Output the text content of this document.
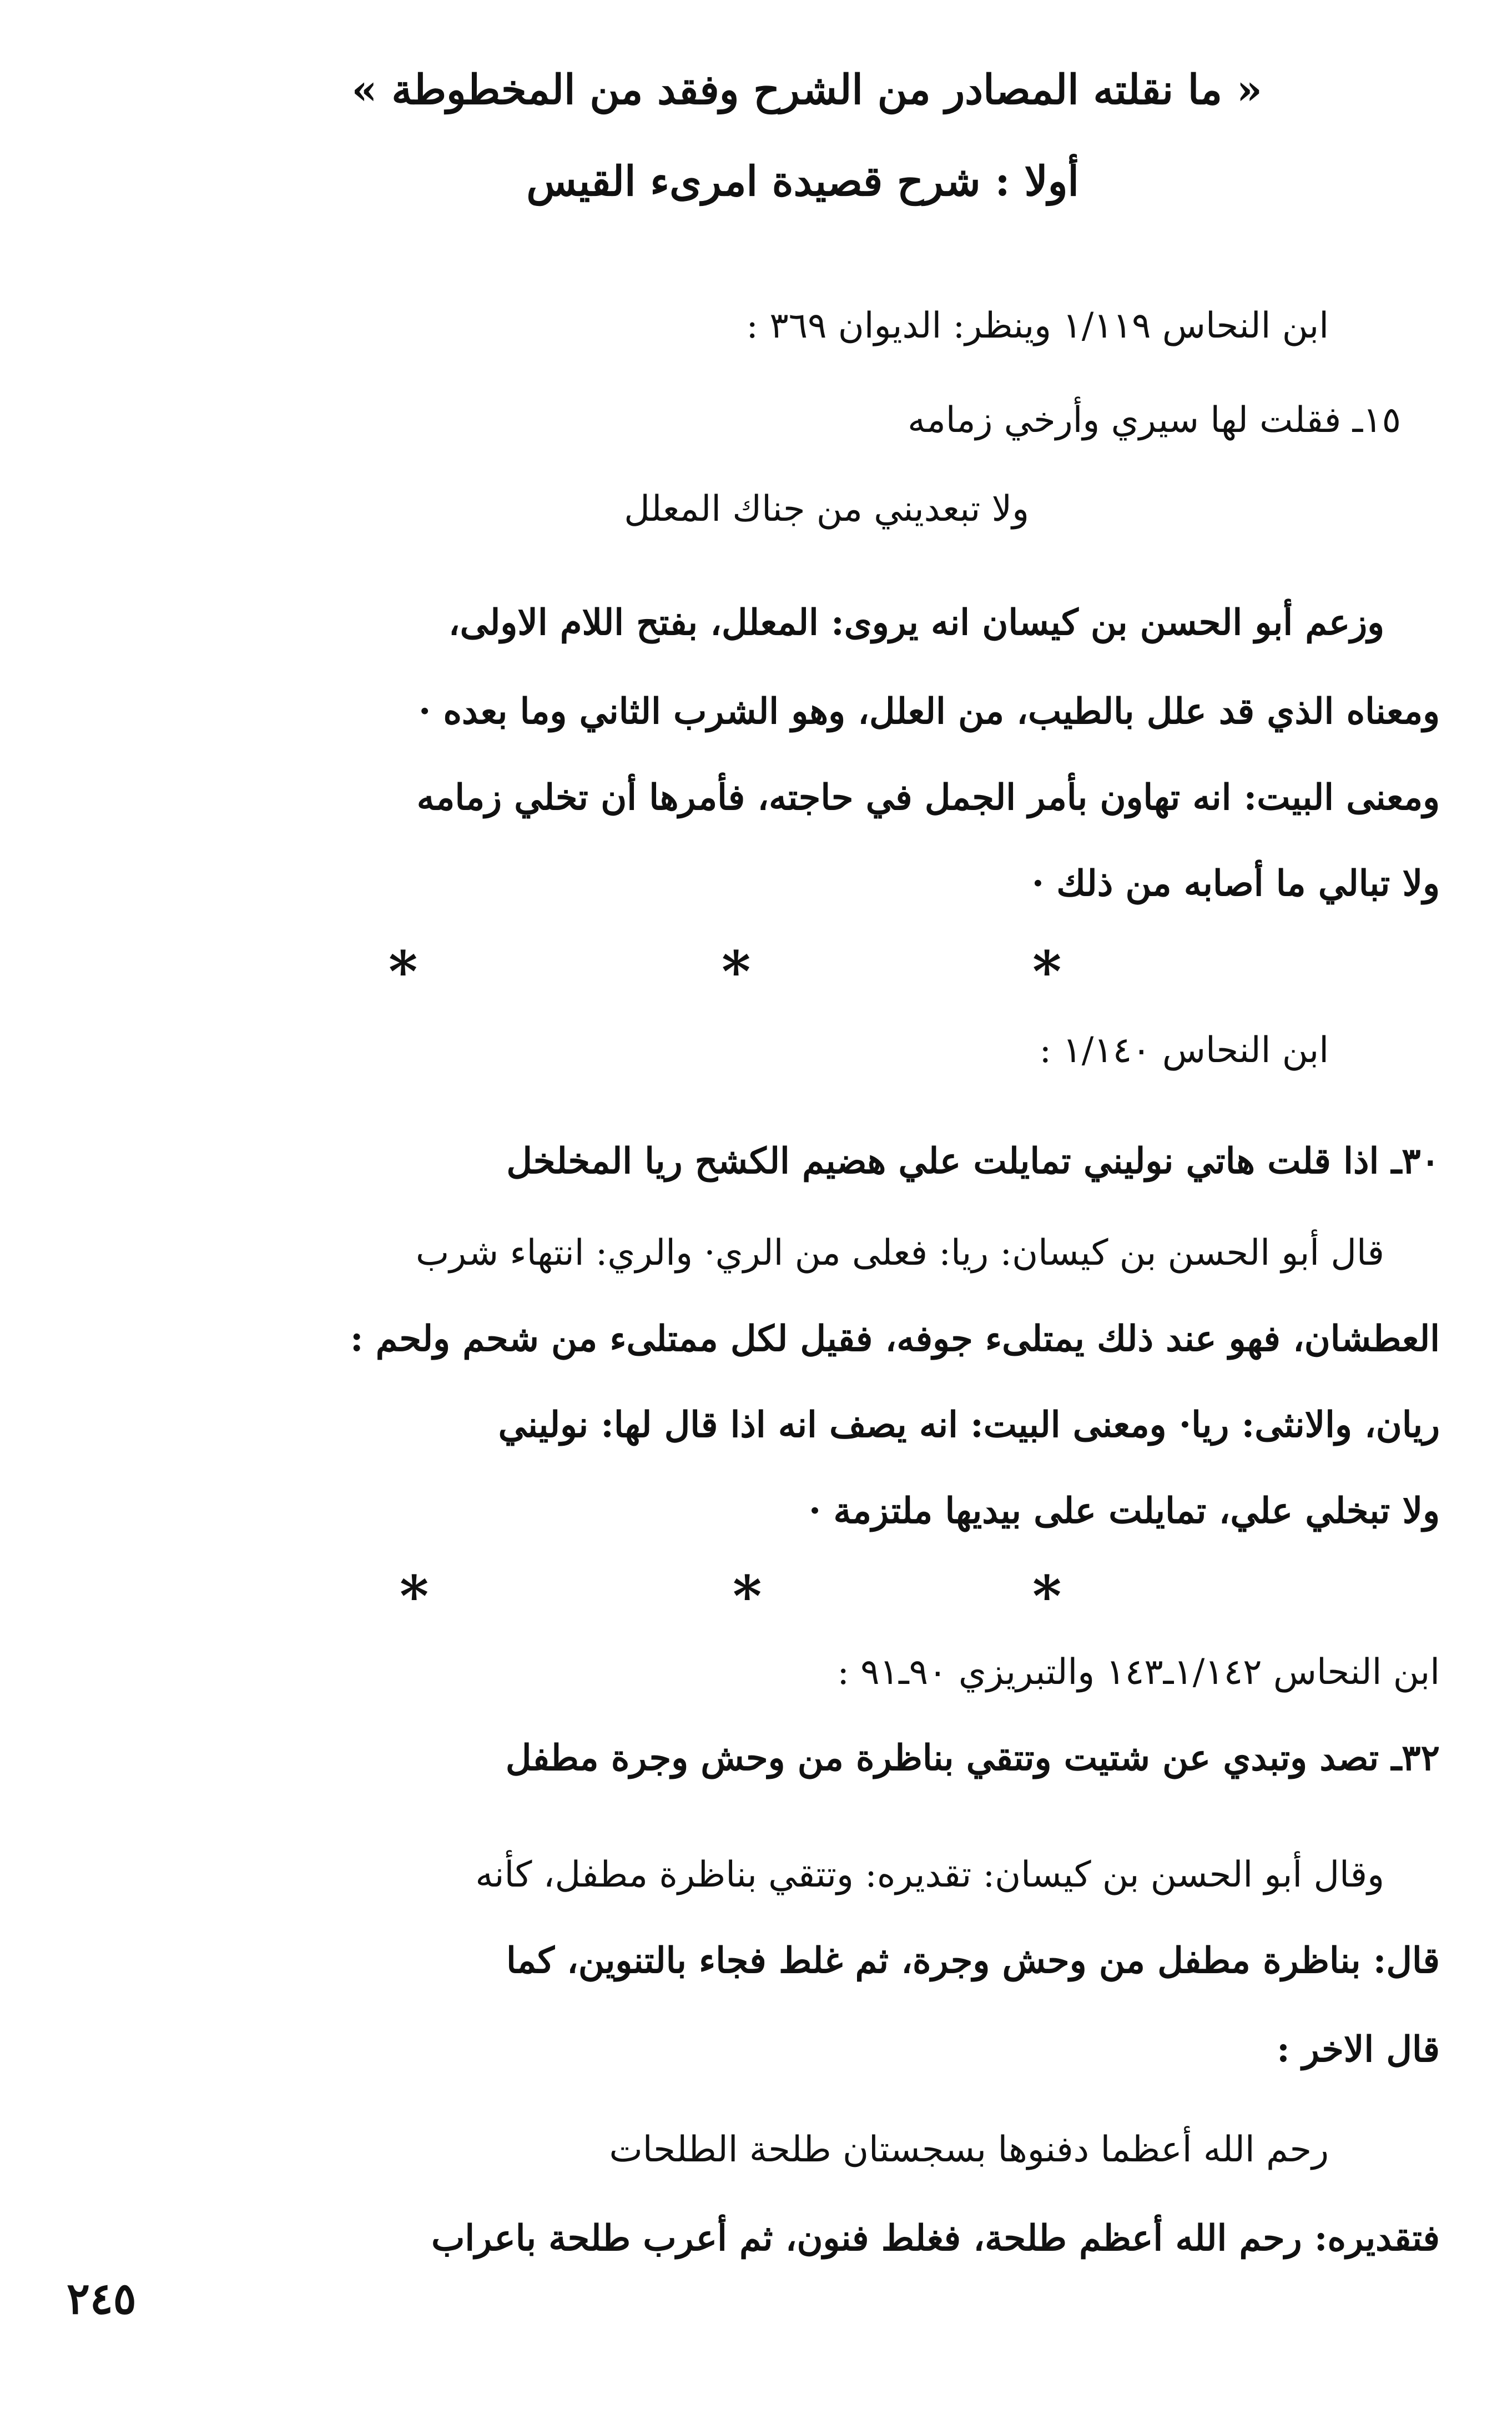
« ما نقلته المصادر من الشرح وفقد من المخطوطة »
أولا : شرح قصيدة امرىء القيس
ابن النحاس ١/١١٩ وينظر: الديوان ٣٦٩ :
١٥ـ فقلت لها سيري وأرخي زمامه
ولا تبعديني من جناك المعلل
وزعم أبو الحسن بن كيسان انه يروى: المعلل، بفتح اللام الاولى،
ومعناه الذي قد علل بالطيب، من العلل، وهو الشرب الثاني وما بعده ·
ومعنى البيت: انه تهاون بأمر الجمل في حاجته، فأمرها أن تخلي زمامه
ولا تبالي ما أصابه من ذلك ·
*	*	*
ابن النحاس ١/١٤٠ :
٣٠ـ اذا قلت هاتي نوليني تمايلت علي هضيم الكشح ريا المخلخل
قال أبو الحسن بن كيسان: ريا: فعلى من الري· والري: انتهاء شرب
العطشان، فهو عند ذلك يمتلىء جوفه، فقيل لكل ممتلىء من شحم ولحم :
ريان، والانثى: ريا· ومعنى البيت: انه يصف انه اذا قال لها: نوليني
ولا تبخلي علي، تمايلت على بيديها ملتزمة ·
*	*	*
ابن النحاس ١/١٤٢ـ١٤٣ والتبريزي ٩٠ـ٩١ :
٣٢ـ تصد وتبدي عن شتيت وتتقي بناظرة من وحش وجرة مطفل
وقال أبو الحسن بن كيسان: تقديره: وتتقي بناظرة مطفل، كأنه
قال: بناظرة مطفل من وحش وجرة، ثم غلط فجاء بالتنوين، كما
قال الاخر :
رحم الله أعظما دفنوها بسجستان طلحة الطلحات
فتقديره: رحم الله أعظم طلحة، فغلط فنون، ثم أعرب طلحة باعراب
٢٤٥
